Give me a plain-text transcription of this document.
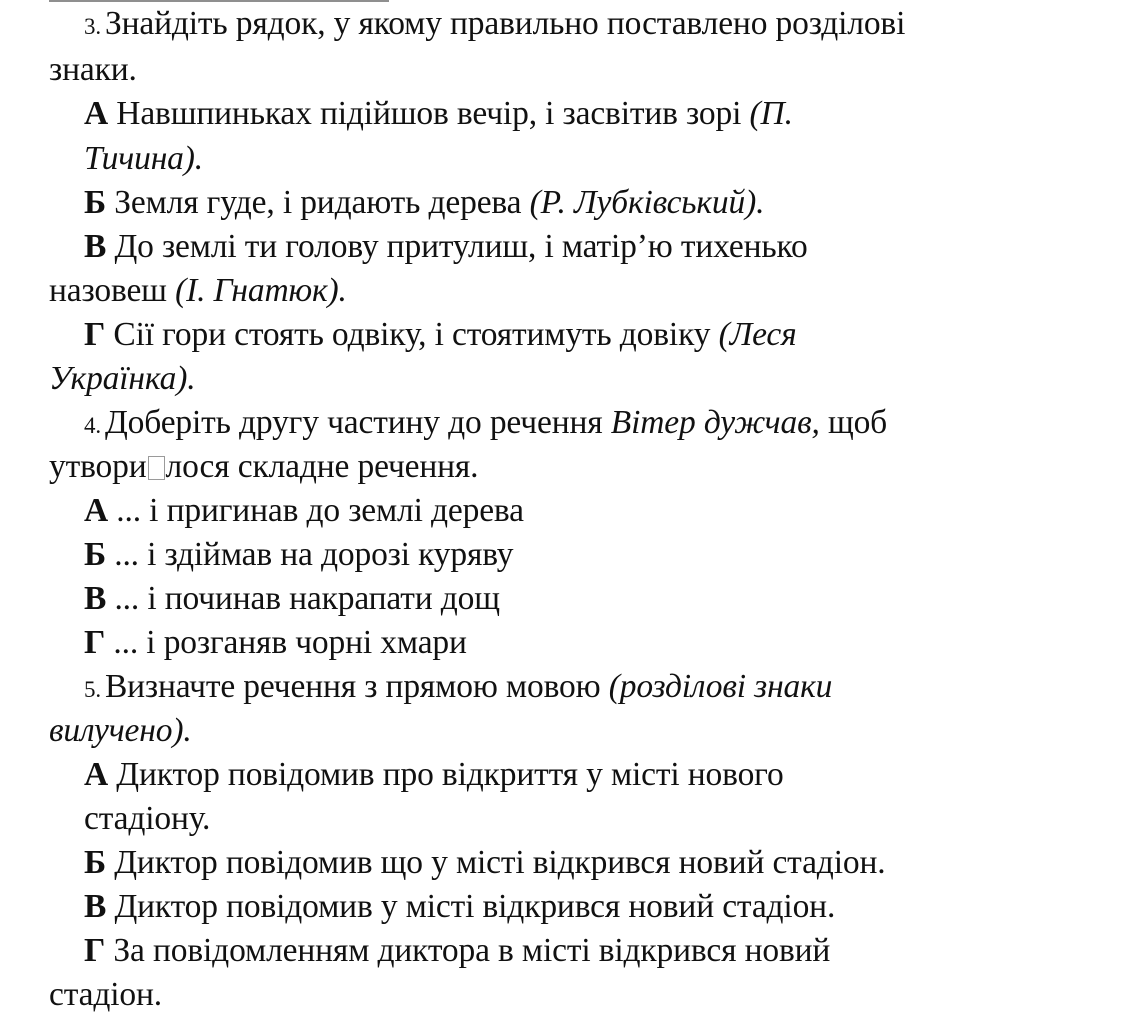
3. Знайдіть рядок, у якому правильно поставлено розділові
знаки.
А Навшпиньках підійшов вечір, і засвітив зорі (П.
Тичина).
Б Земля гуде, і ридають дерева (Р. Лубківський).
В До землі ти голову притулиш, і матір’ю тихенько
назовеш (І. Гнатюк).
Г Сії гори стоять одвіку, і стоятимуть довіку (Леся
Українка).
4. Доберіть другу частину до речення Вітер дужчав, щоб
утвори лося складне речення.
А ... і пригинав до землі дерева
Б ... і здіймав на дорозі куряву
В ... і починав накрапати дощ
Г ... і розганяв чорні хмари
5. Визначте речення з прямою мовою (розділові знаки
вилучено).
А Диктор повідомив про відкриття у місті нового
стадіону.
Б Диктор повідомив що у місті відкрився новий стадіон.
В Диктор повідомив у місті відкрився новий стадіон.
Г За повідомленням диктора в місті відкрився новий
стадіон.
